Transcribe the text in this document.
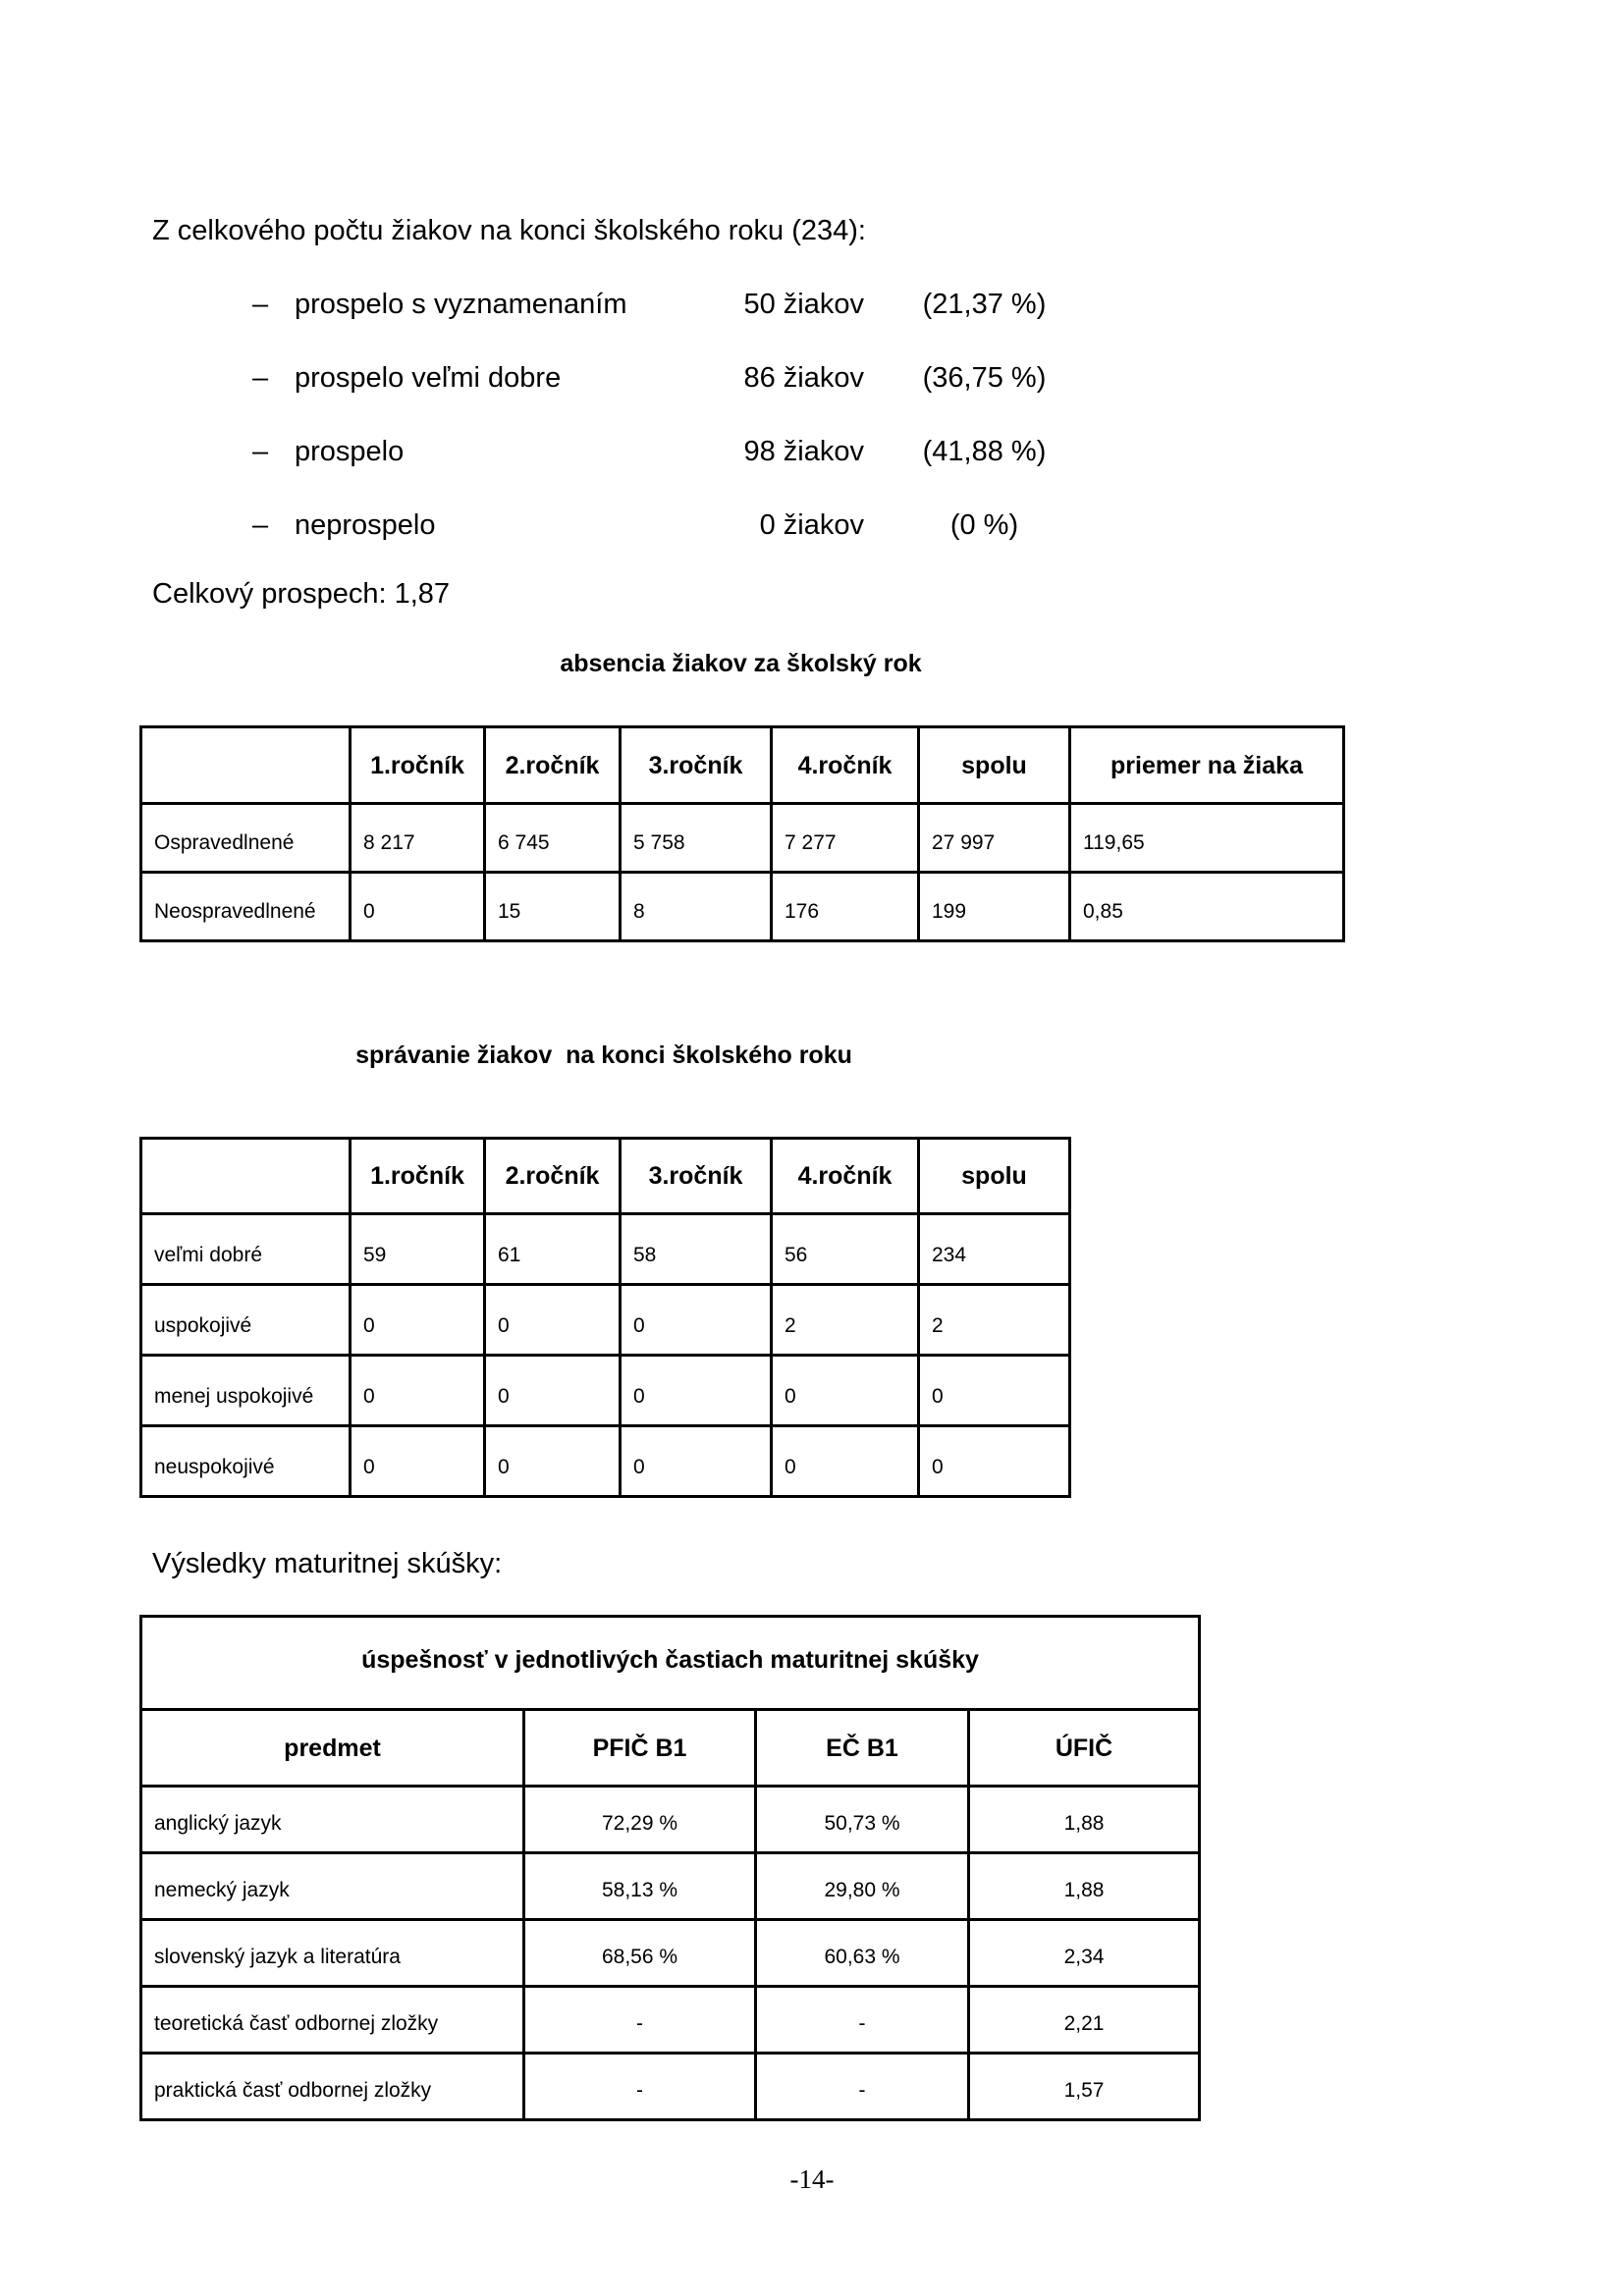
Z celkového počtu žiakov na konci školského roku (234):
– prospelo s vyznamenaním	50 žiakov	(21,37 %)
– prospelo veľmi dobre	86 žiakov	(36,75 %)
– prospelo	98 žiakov	(41,88 %)
– neprospelo	0 žiakov	(0 %)
Celkový prospech: 1,87
absencia žiakov za školský rok
	1.ročník	2.ročník	3.ročník	4.ročník	spolu	priemer na žiaka
Ospravedlnené	8 217	6 745	5 758	7 277	27 997	119,65
Neospravedlnené	0	15	8	176	199	0,85
správanie žiakov  na konci školského roku
	1.ročník	2.ročník	3.ročník	4.ročník	spolu
veľmi dobré	59	61	58	56	234
uspokojivé	0	0	0	2	2
menej uspokojivé	0	0	0	0	0
neuspokojivé	0	0	0	0	0
Výsledky maturitnej skúšky:
úspešnosť v jednotlivých častiach maturitnej skúšky			
predmet	PFIČ B1	EČ B1	ÚFIČ
anglický jazyk	72,29 %	50,73 %	1,88
nemecký jazyk	58,13 %	29,80 %	1,88
slovenský jazyk a literatúra	68,56 %	60,63 %	2,34
teoretická časť odbornej zložky	-	-	2,21
praktická časť odbornej zložky	-	-	1,57
-14-
